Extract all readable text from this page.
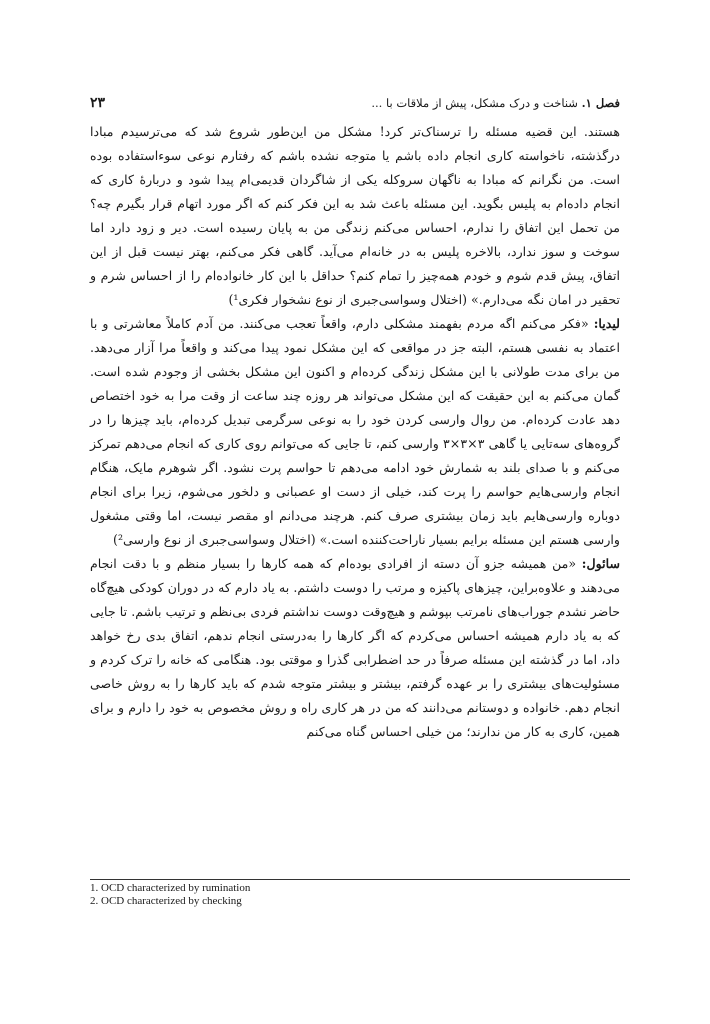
۲۳	فصل ۱. شناخت و درک مشکل، پیش از ملاقات با ...

هستند. این قضیه مسئله را ترسناک‌تر کرد! مشکل من این‌طور شروع شد که می‌ترسیدم مبادا درگذشته، ناخواسته کاری انجام داده باشم یا متوجه نشده باشم که رفتارم نوعی سوءاستفاده بوده است. من نگرانم که مبادا به ناگهان سروکله یکی از شاگردان قدیمی‌ام پیدا شود و دربارهٔ کاری که انجام داده‌ام به پلیس بگوید. این مسئله باعث شد به این فکر کنم که اگر مورد اتهام قرار بگیرم چه؟ من تحمل این اتفاق را ندارم، احساس می‌کنم زندگی من به پایان رسیده است. دیر و زود دارد اما سوخت و سوز ندارد، بالاخره پلیس به در خانه‌ام می‌آید. گاهی فکر می‌کنم، بهتر نیست قبل از این اتفاق، پیش قدم شوم و خودم همه‌چیز را تمام کنم؟ حداقل با این کار خانواده‌ام را از احساس شرم و تحقیر در امان نگه می‌دارم.» (اختلال وسواسی‌جبری از نوع نشخوار فکری¹)

لیدیا: «فکر می‌کنم اگه مردم بفهمند مشکلی دارم، واقعاً تعجب می‌کنند. من آدم کاملاً معاشرتی و با اعتماد به نفسی هستم، البته جز در مواقعی که این مشکل نمود پیدا می‌کند و واقعاً مرا آزار می‌دهد. من برای مدت طولانی با این مشکل زندگی کرده‌ام و اکنون این مشکل بخشی از وجودم شده است. گمان می‌کنم به این حقیقت که این مشکل می‌تواند هر روزه چند ساعت از وقت مرا به خود اختصاص دهد عادت کرده‌ام. من روال وارسی کردن خود را به نوعی سرگرمی تبدیل کرده‌ام، باید چیزها را در گروه‌های سه‌تایی یا گاهی ۳×۳×۳ وارسی کنم، تا جایی که می‌توانم روی کاری که انجام می‌دهم تمرکز می‌کنم و با صدای بلند به شمارش خود ادامه می‌دهم تا حواسم پرت نشود. اگر شوهرم مایک، هنگام انجام وارسی‌هایم حواسم را پرت کند، خیلی از دست او عصبانی و دلخور می‌شوم، زیرا برای انجام دوباره وارسی‌هایم باید زمان بیشتری صرف کنم. هرچند می‌دانم او مقصر نیست، اما وقتی مشغول وارسی هستم این مسئله برایم بسیار ناراحت‌کننده است.» (اختلال وسواسی‌جبری از نوع وارسی²)

سائول: «من همیشه جزو آن دسته از افرادی بوده‌ام که همه کارها را بسیار منظم و با دقت انجام می‌دهند و علاوه‌براین، چیزهای پاکیزه و مرتب را دوست داشتم. به یاد دارم که در دوران کودکی هیچ‌گاه حاضر نشدم جوراب‌های نامرتب بپوشم و هیچ‌وقت دوست نداشتم فردی بی‌نظم و ترتیب باشم. تا جایی که به یاد دارم همیشه احساس می‌کردم که اگر کارها را به‌درستی انجام ندهم، اتفاق بدی رخ خواهد داد، اما در گذشته این مسئله صرفاً در حد اضطرابی گذرا و موقتی بود. هنگامی که خانه را ترک کردم و مسئولیت‌های بیشتری را بر عهده گرفتم، بیشتر و بیشتر متوجه شدم که باید کارها را به روش خاصی انجام دهم. خانواده و دوستانم می‌دانند که من در هر کاری راه و روش مخصوص به خود را دارم و برای همین، کاری به کار من ندارند؛ من خیلی احساس گناه می‌کنم

1. OCD characterized by rumination
2. OCD characterized by checking
